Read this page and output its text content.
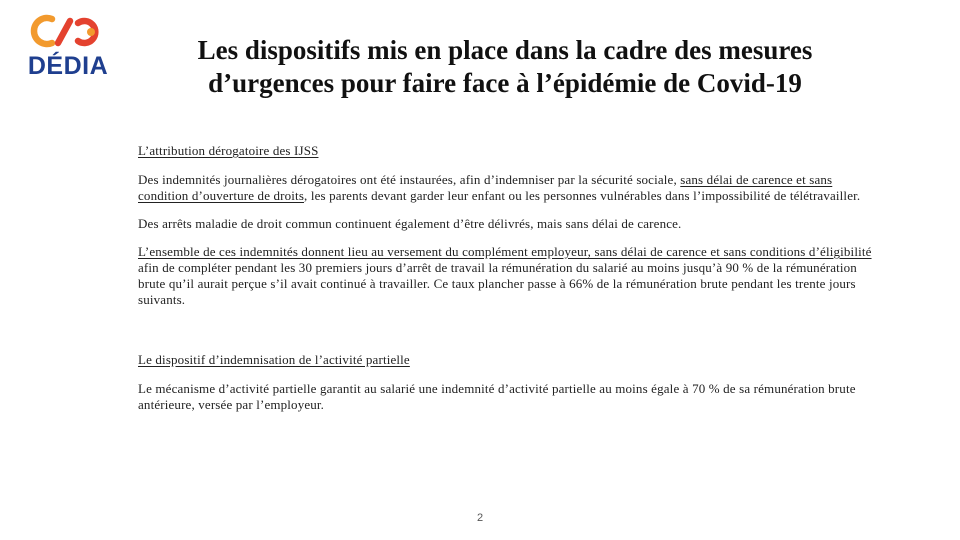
DÉDIA
Les dispositifs mis en place dans la cadre des mesures
d’urgences pour faire face à l’épidémie de Covid-19

L’attribution dérogatoire des IJSS

Des indemnités journalières dérogatoires ont été instaurées, afin d’indemniser par la sécurité sociale, sans délai de carence et sans condition d’ouverture de droits, les parents devant garder leur enfant ou les personnes vulnérables dans l’impossibilité de télétravailler.

Des arrêts maladie de droit commun continuent également d’être délivrés, mais sans délai de carence.

L’ensemble de ces indemnités donnent lieu au versement du complément employeur, sans délai de carence et sans conditions d’éligibilité afin de compléter pendant les 30 premiers jours d’arrêt de travail la rémunération du salarié au moins jusqu’à 90 % de la rémunération brute qu’il aurait perçue s’il avait continué à travailler. Ce taux plancher passe à 66% de la rémunération brute pendant les trente jours suivants.

Le dispositif d’indemnisation de l’activité partielle

Le mécanisme d’activité partielle garantit au salarié une indemnité d’activité partielle au moins égale à 70 % de sa rémunération brute antérieure, versée par l’employeur.

2
